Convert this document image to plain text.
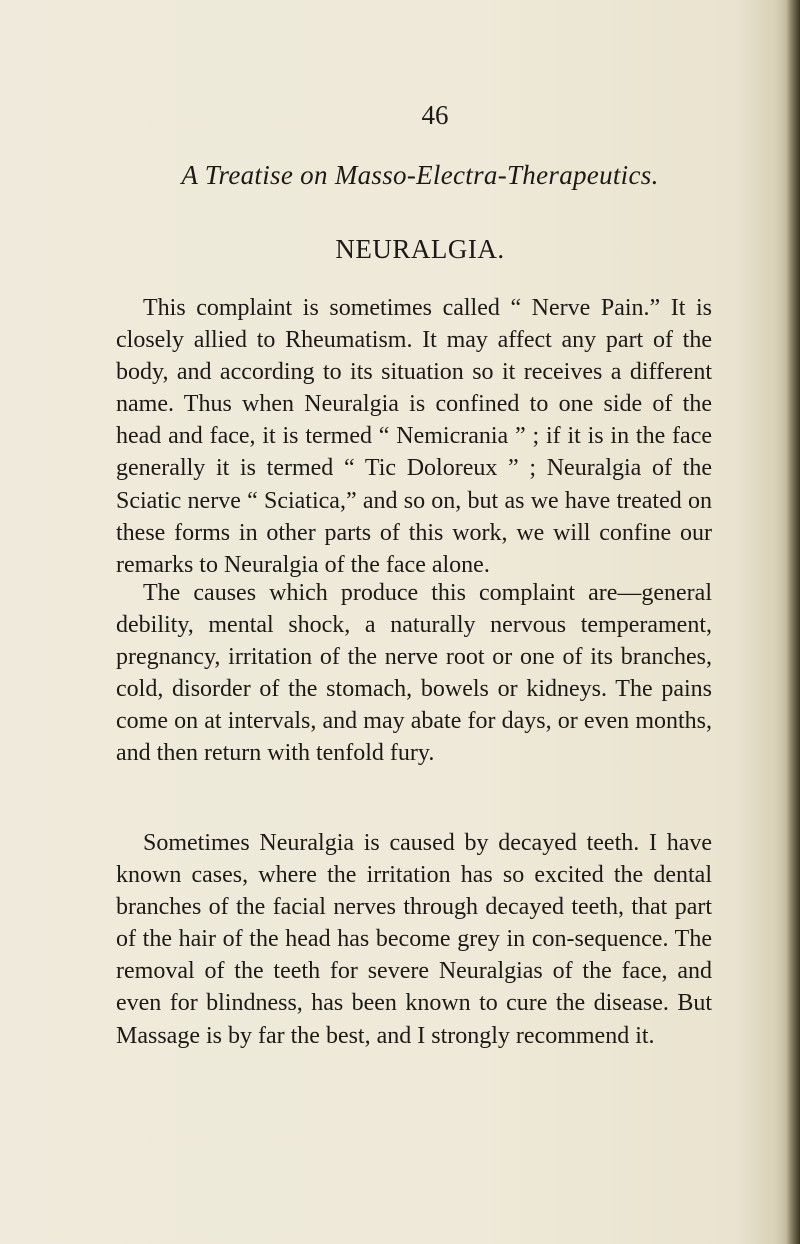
46

A Treatise on Masso-Electra-Therapeutics.

NEURALGIA.

This complaint is sometimes called “ Nerve Pain.” It is closely allied to Rheumatism. It may affect any part of the body, and according to its situation so it receives a different name. Thus when Neuralgia is confined to one side of the head and face, it is termed “ Nemicrania ” ; if it is in the face generally it is termed “ Tic Doloreux ” ; Neuralgia of the Sciatic nerve “ Sciatica,” and so on, but as we have treated on these forms in other parts of this work, we will confine our remarks to Neuralgia of the face alone.

The causes which produce this complaint are—general debility, mental shock, a naturally nervous temperament, pregnancy, irritation of the nerve root or one of its branches, cold, disorder of the stomach, bowels or kidneys. The pains come on at intervals, and may abate for days, or even months, and then return with tenfold fury.

Sometimes Neuralgia is caused by decayed teeth. I have known cases, where the irritation has so excited the dental branches of the facial nerves through decayed teeth, that part of the hair of the head has become grey in con-sequence. The removal of the teeth for severe Neuralgias of the face, and even for blindness, has been known to cure the disease. But Massage is by far the best, and I strongly recommend it.
